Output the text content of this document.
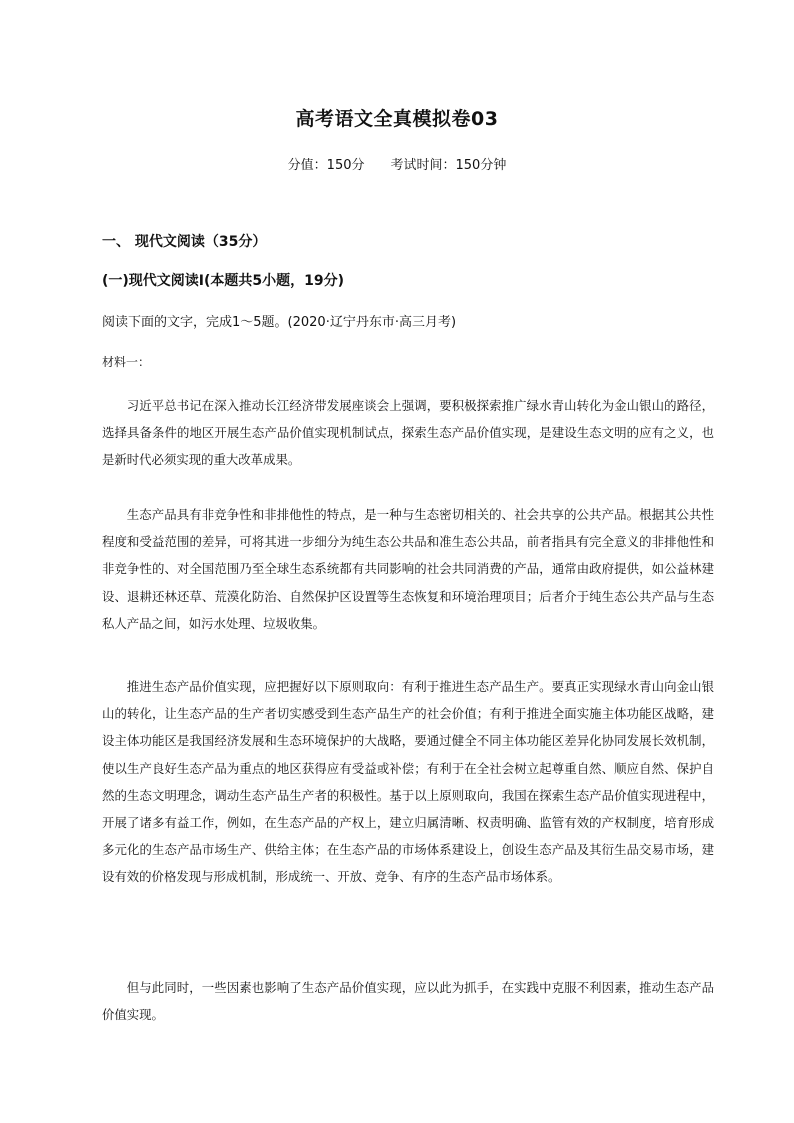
高考语文全真模拟卷03
分值：150分 考试时间：150分钟
一、 现代文阅读（35分）
(一)现代文阅读Ⅰ(本题共5小题，19分)
阅读下面的文字，完成1～5题。(2020·辽宁丹东市·高三月考)
材料一：

习近平总书记在深入推动长江经济带发展座谈会上强调，要积极探索推广绿水青山转化为金山银山的路径，选择具备条件的地区开展生态产品价值实现机制试点，探索生态产品价值实现，是建设生态文明的应有之义，也是新时代必须实现的重大改革成果。

生态产品具有非竞争性和非排他性的特点，是一种与生态密切相关的、社会共享的公共产品。根据其公共性程度和受益范围的差异，可将其进一步细分为纯生态公共品和准生态公共品，前者指具有完全意义的非排他性和非竞争性的、对全国范围乃至全球生态系统都有共同影响的社会共同消费的产品，通常由政府提供，如公益林建设、退耕还林还草、荒漠化防治、自然保护区设置等生态恢复和环境治理项目；后者介于纯生态公共产品与生态私人产品之间，如污水处理、垃圾收集。

推进生态产品价值实现，应把握好以下原则取向：有利于推进生态产品生产。要真正实现绿水青山向金山银山的转化，让生态产品的生产者切实感受到生态产品生产的社会价值；有利于推进全面实施主体功能区战略，建设主体功能区是我国经济发展和生态环境保护的大战略，要通过健全不同主体功能区差异化协同发展长效机制，使以生产良好生态产品为重点的地区获得应有受益或补偿；有利于在全社会树立起尊重自然、顺应自然、保护自然的生态文明理念，调动生态产品生产者的积极性。基于以上原则取向，我国在探索生态产品价值实现进程中，开展了诸多有益工作，例如，在生态产品的产权上，建立归属清晰、权责明确、监管有效的产权制度，培育形成多元化的生态产品市场生产、供给主体；在生态产品的市场体系建设上，创设生态产品及其衍生品交易市场，建设有效的价格发现与形成机制，形成统一、开放、竞争、有序的生态产品市场体系。

但与此同时，一些因素也影响了生态产品价值实现，应以此为抓手，在实践中克服不利因素，推动生态产品价值实现。
